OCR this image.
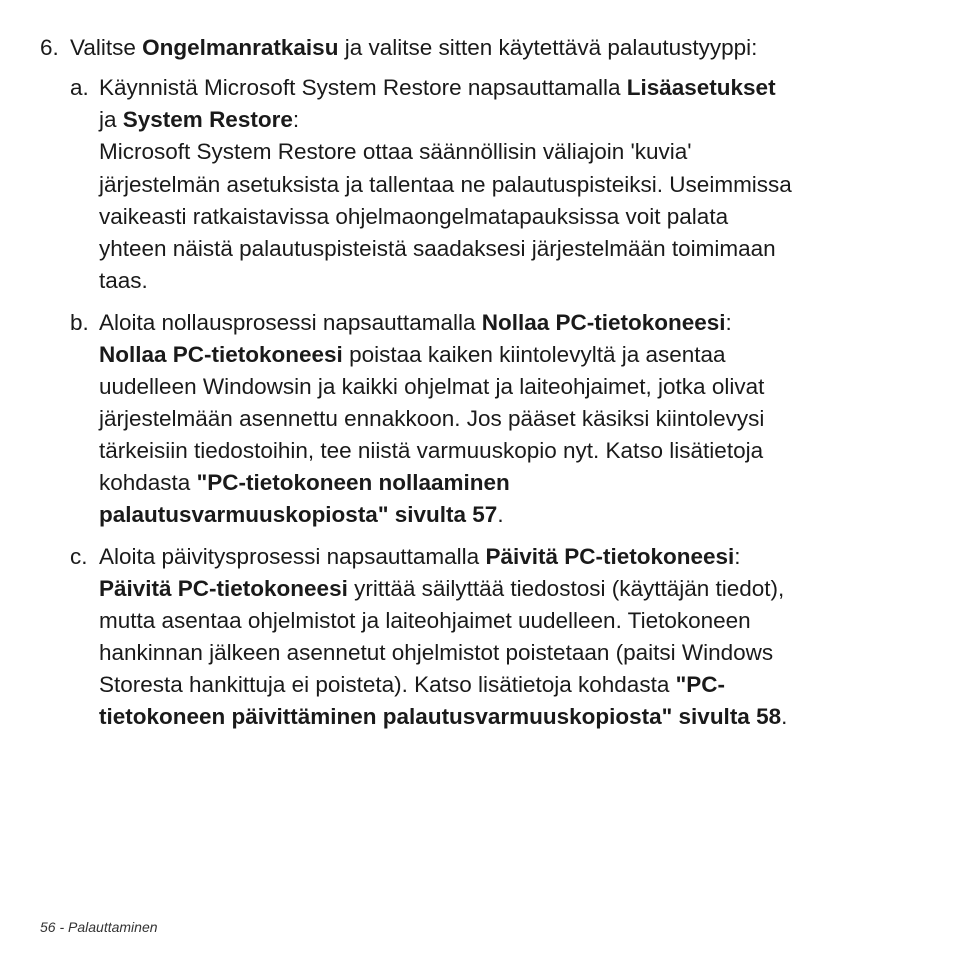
6. Valitse Ongelmanratkaisu ja valitse sitten käytettävä palautustyyppi:
a. Käynnistä Microsoft System Restore napsauttamalla Lisäasetukset
ja System Restore:
Microsoft System Restore ottaa säännöllisin väliajoin 'kuvia'
järjestelmän asetuksista ja tallentaa ne palautuspisteiksi. Useimmissa
vaikeasti ratkaistavissa ohjelmaongelmatapauksissa voit palata
yhteen näistä palautuspisteistä saadaksesi järjestelmään toimimaan
taas.
b. Aloita nollausprosessi napsauttamalla Nollaa PC-tietokoneesi:
Nollaa PC-tietokoneesi poistaa kaiken kiintolevyltä ja asentaa
uudelleen Windowsin ja kaikki ohjelmat ja laiteohjaimet, jotka olivat
järjestelmään asennettu ennakkoon. Jos pääset käsiksi kiintolevysi
tärkeisiin tiedostoihin, tee niistä varmuuskopio nyt. Katso lisätietoja
kohdasta "PC-tietokoneen nollaaminen
palautusvarmuuskopiosta" sivulta 57.
c. Aloita päivitysprosessi napsauttamalla Päivitä PC-tietokoneesi:
Päivitä PC-tietokoneesi yrittää säilyttää tiedostosi (käyttäjän tiedot),
mutta asentaa ohjelmistot ja laiteohjaimet uudelleen. Tietokoneen
hankinnan jälkeen asennetut ohjelmistot poistetaan (paitsi Windows
Storesta hankittuja ei poisteta). Katso lisätietoja kohdasta "PC-
tietokoneen päivittäminen palautusvarmuuskopiosta" sivulta 58.
56 - Palauttaminen
